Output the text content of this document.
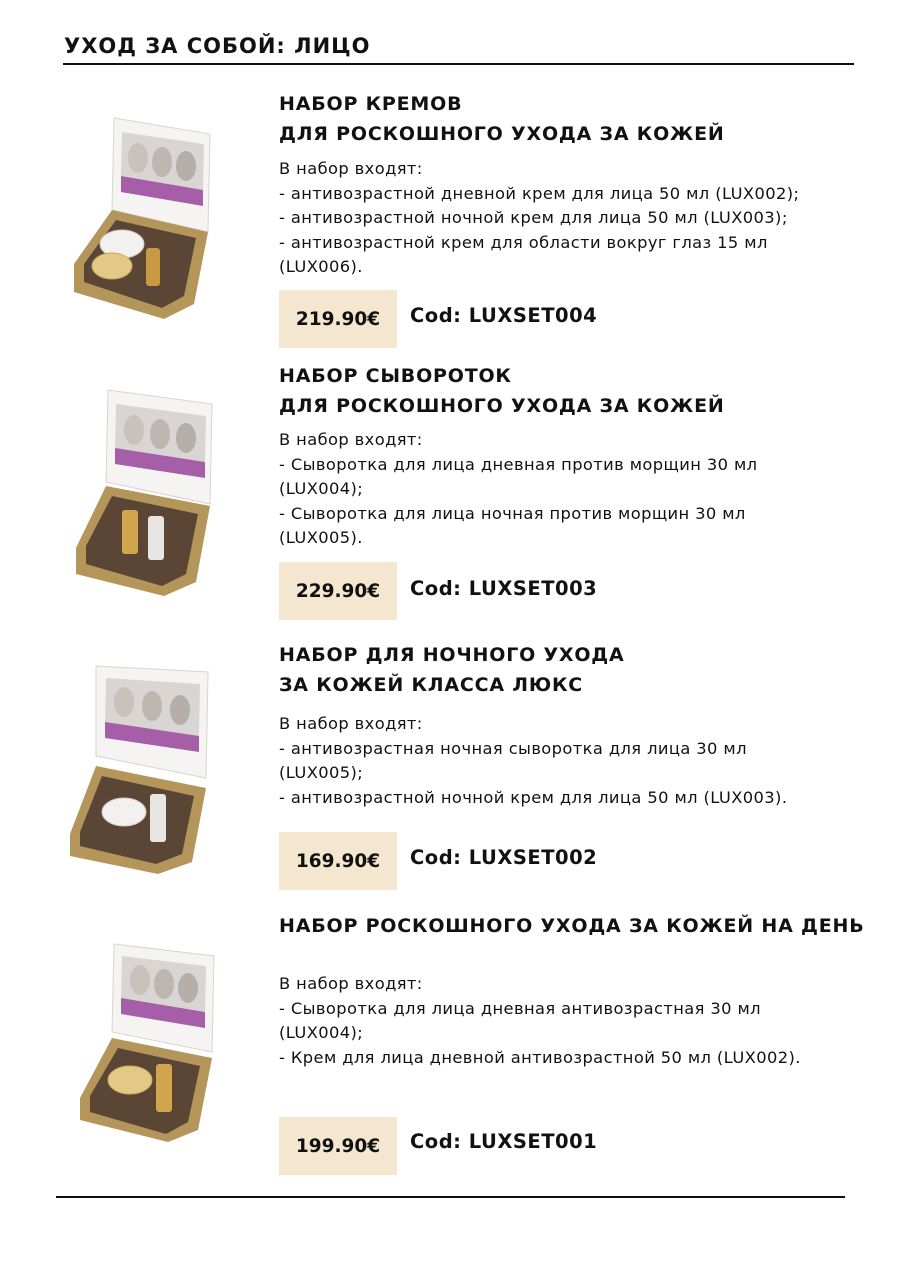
УХОД ЗА СОБОЙ: ЛИЦО
НАБОР КРЕМОВ
ДЛЯ РОСКОШНОГО УХОДА ЗА КОЖЕЙ
В набор входят:
- антивозрастной дневной крем для лица 50 мл (LUX002);
- антивозрастной ночной крем для лица 50 мл (LUX003);
- антивозрастной крем для области вокруг глаз 15 мл
(LUX006).
219.90€	Cod: LUXSET004
НАБОР СЫВОРОТОК
ДЛЯ РОСКОШНОГО УХОДА ЗА КОЖЕЙ
В набор входят:
- Сыворотка для лица дневная против морщин 30 мл
(LUX004);
- Сыворотка для лица ночная против морщин 30 мл
(LUX005).
229.90€	Cod: LUXSET003
НАБОР ДЛЯ НОЧНОГО УХОДА
ЗА КОЖЕЙ КЛАССА ЛЮКС
В набор входят:
- антивозрастная ночная сыворотка для лица 30 мл
(LUX005);
- антивозрастной ночной крем для лица 50 мл (LUX003).
169.90€	Cod: LUXSET002
НАБОР РОСКОШНОГО УХОДА ЗА КОЖЕЙ НА ДЕНЬ
В набор входят:
- Сыворотка для лица дневная антивозрастная 30 мл
(LUX004);
- Крем для лица дневной антивозрастной 50 мл (LUX002).
199.90€	Cod: LUXSET001
